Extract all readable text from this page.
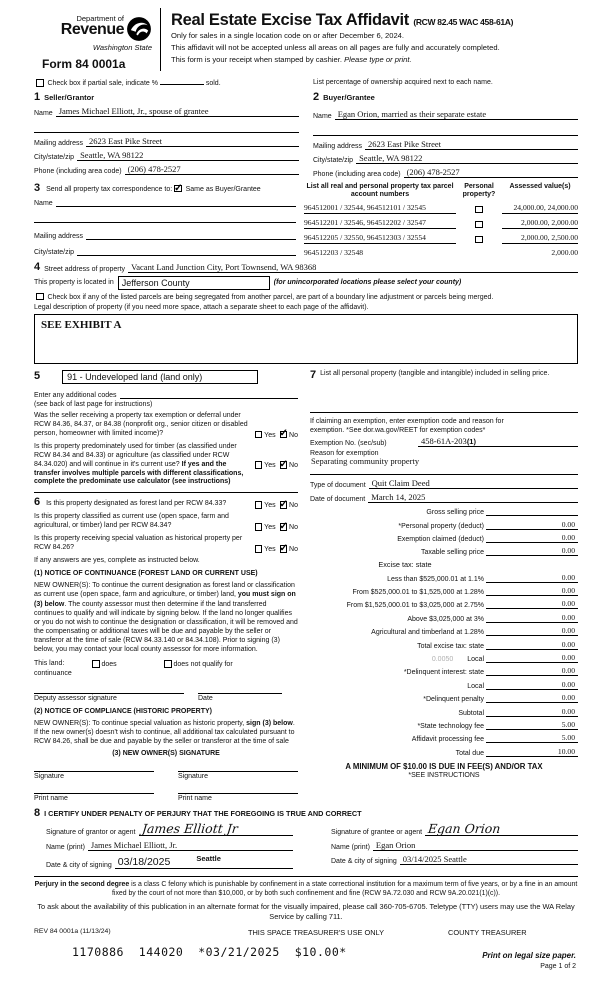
Department of
Revenue
Washington State
Form 84 0001a
Real Estate Excise Tax Affidavit (RCW 82.45 WAC 458-61A)
Only for sales in a single location code on or after December 6, 2024.
This affidavit will not be accepted unless all areas on all pages are fully and accurately completed.
This form is your receipt when stamped by cashier. Please type or print.
Check box if partial sale, indicate %	sold.	List percentage of ownership acquired next to each name.
1 Seller/Grantor
Name James Michael Elliott, Jr., spouse of grantee
Mailing address 2623 East Pike Street
City/state/zip Seattle, WA 98122
Phone (including area code) (206) 478-2527
2 Buyer/Grantee
Name Egan Orion, married as their separate estate
Mailing address 2623 East Pike Street
City/state/zip Seattle, WA 98122
Phone (including area code) (206) 478-2527
3 Send all property tax correspondence to: ✓ Same as Buyer/Grantee
Name
Mailing address
City/state/zip
List all real and personal property tax parcel account numbers
Personal property?
Assessed value(s)
964512001 / 32544, 964512101 / 32545	24,000.00, 24,000.00
964512201 / 32546, 964512202 / 32547	2,000.00, 2,000.00
964512205 / 32550, 964512303 / 32554	2,000.00, 2,500.00
964512203 / 32548	2,000.00
4 Street address of property Vacant Land Junction City, Port Townsend, WA 98368
This property is located in Jefferson County	(for unincorporated locations please select your county)
Check box if any of the listed parcels are being segregated from another parcel, are part of a boundary line adjustment or parcels being merged.
Legal description of property (if you need more space, attach a separate sheet to each page of the affidavit).
SEE EXHIBIT A
5	91 - Undeveloped land (land only)
Enter any additional codes
(see back of last page for instructions)
Was the seller receiving a property tax exemption or deferral under RCW 84.36, 84.37, or 84.38 (nonprofit org., senior citizen or disabled person, homeowner with limited income)?	Yes ✓ No
Is this property predominately used for timber (as classified under RCW 84.34 and 84.33) or agriculture (as classified under RCW 84.34.020) and will continue in it's current use? If yes and the transfer involves multiple parcels with different classifications, complete the predominate use calculator (see instructions)
Yes ✓ No
6 Is this property designated as forest land per RCW 84.33?	Yes ✓ No
Is this property classified as current use (open space, farm and agricultural, or timber) land per RCW 84.34?	Yes ✓ No
Is this property receiving special valuation as historical property per RCW 84.26?	Yes ✓ No
If any answers are yes, complete as instructed below.
(1) NOTICE OF CONTINUANCE (FOREST LAND OR CURRENT USE)
NEW OWNER(S): To continue the current designation as forest land or classification as current use (open space, farm and agriculture, or timber) land, you must sign on (3) below. The county assessor must then determine if the land transferred continues to qualify and will indicate by signing below. If the land no longer qualifies or you do not wish to continue the designation or classification, it will be removed and the compensating or additional taxes will be due and payable by the seller or transferor at the time of sale (RCW 84.33.140 or 84.34.108). Prior to signing (3) below, you may contact your local county assessor for more information.
This land:	does	does not qualify for
continuance
Deputy assessor signature	Date
(2) NOTICE OF COMPLIANCE (HISTORIC PROPERTY)
NEW OWNER(S): To continue special valuation as historic property, sign (3) below. If the new owner(s) doesn't wish to continue, all additional tax calculated pursuant to RCW 84.26, shall be due and payable by the seller or transferor at the time of sale
(3) NEW OWNER(S) SIGNATURE
Signature	Signature
Print name	Print name
7 List all personal property (tangible and intangible) included in selling price.
If claiming an exemption, enter exemption code and reason for
exemption. *See dor.wa.gov/REET for exemption codes*
Exemption No. (sec/sub)	458-61A-203(1)
Reason for exemption
Separating community property
Type of document Quit Claim Deed
Date of document March 14, 2025
Gross selling price
*Personal property (deduct)	0.00
Exemption claimed (deduct)	0.00
Taxable selling price	0.00
Excise tax: state
Less than $525,000.01 at 1.1%	0.00
From $525,000.01 to $1,525,000 at 1.28%	0.00
From $1,525,000.01 to $3,025,000 at 2.75%	0.00
Above $3,025,000 at 3%	0.00
Agricultural and timberland at 1.28%	0.00
Total excise tax: state	0.00
0.0050 Local	0.00
*Delinquent interest: state	0.00
Local	0.00
*Delinquent penalty	0.00
Subtotal	0.00
*State technology fee	5.00
Affidavit processing fee	5.00
Total due	10.00
A MINIMUM OF $10.00 IS DUE IN FEE(S) AND/OR TAX
*SEE INSTRUCTIONS
8 I CERTIFY UNDER PENALTY OF PERJURY THAT THE FOREGOING IS TRUE AND CORRECT
Signature of grantor or agent James Elliott Jr
Name (print) James Michael Elliott, Jr.
Date & city of signing 03/18/2025	Seattle
Signature of grantee or agent Egan Orion
Name (print) Egan Orion
Date & city of signing 03/14/2025 Seattle
Perjury in the second degree is a class C felony which is punishable by confinement in a state correctional institution for a maximum term of five years, or by a fine in an amount fixed by the court of not more than $10,000, or by both such confinement and fine (RCW 9A.72.030 and RCW 9A.20.021(1)(c)).
To ask about the availability of this publication in an alternate format for the visually impaired, please call 360-705-6705. Teletype (TTY) users may use the WA Relay Service by calling 711.
REV 84 0001a (11/13/24)	THIS SPACE TREASURER'S USE ONLY	COUNTY TREASURER
1170886  144020  *03/21/2025  $10.00*	Print on legal size paper.
Page 1 of 2
